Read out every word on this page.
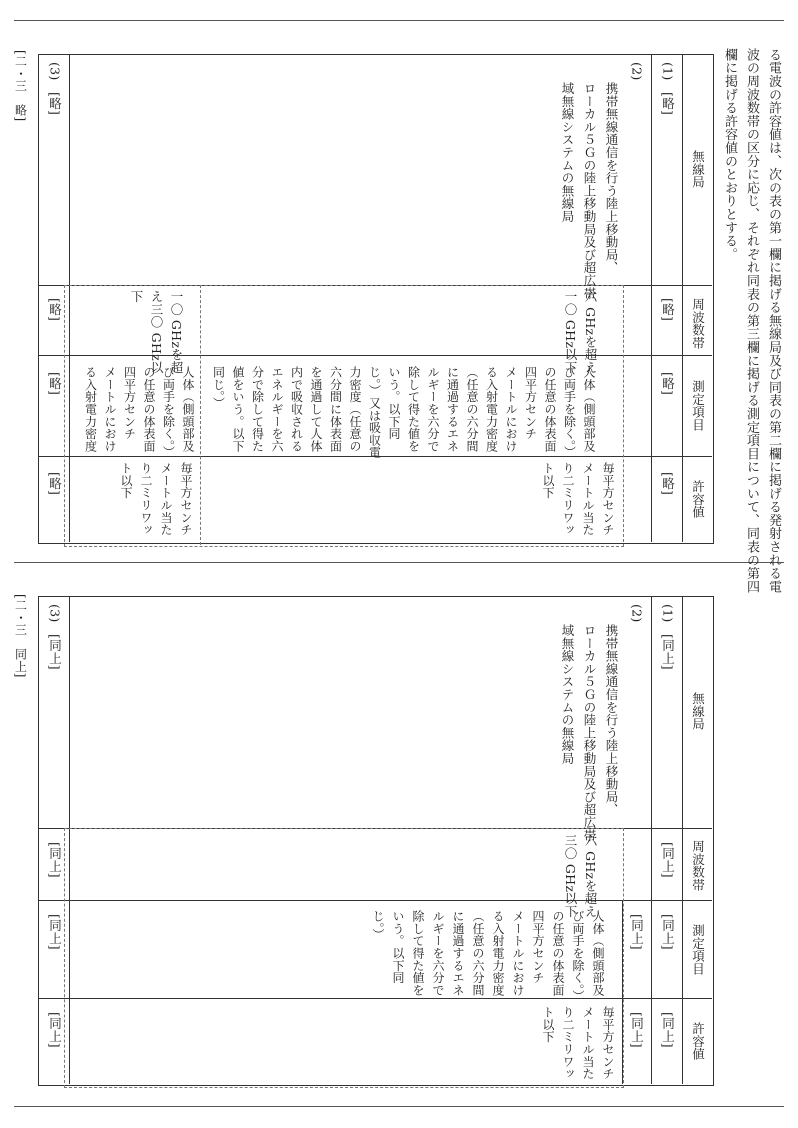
る電波の許容値は、次の表の第一欄に掲げる無線局及び同表の第二欄に掲げる発射される電
波の周波数帯の区分に応じ、それぞれ同表の第三欄に掲げる測定項目について、同表の第四
欄に掲げる許容値のとおりとする。
[二・三　略]
無線局
周波数帯
測定項目
許容値
(1)
[略]
[略]
[略]
[略]
(2)
携帯無線通信を行う陸上移動局、
ローカル５Ｇの陸上移動局及び超広帯
域無線システムの無線局
六 GHzを超え
一〇 GHz以下
一〇 GHzを超
え三〇 GHz以
下
人体（側頭部及
び両手を除く。）
の任意の体表面
四平方センチ
メートルにおけ
る入射電力密度
（任意の六分間
に通過するエネ
ルギーを六分で
除して得た値を
いう。以下同
じ。）又は吸収電
力密度（任意の
六分間に体表面
を通過して人体
内で吸収される
エネルギーを六
分で除して得た
値をいう。以下
同じ。）
人体（側頭部及
び両手を除く。）
の任意の体表面
四平方センチ
メートルにおけ
る入射電力密度
毎平方センチ
メートル当た
り二ミリワッ
ト以下
毎平方センチ
メートル当た
り二ミリワッ
ト以下
(3)
[略]
[略]
[略]
[略]
[二・三　同上]
無線局
周波数帯
測定項目
許容値
(1)
[同上]
[同上]
[同上]
[同上]
(2)
携帯無線通信を行う陸上移動局、
ローカル５Ｇの陸上移動局及び超広帯
域無線システムの無線局
六 GHzを超え
三〇 GHz以下
[同上]
[同上]
人体（側頭部及
び両手を除く。）
の任意の体表面
四平方センチ
メートルにおけ
る入射電力密度
（任意の六分間
に通過するエネ
ルギーを六分で
除して得た値を
いう。以下同
じ。）
毎平方センチ
メートル当た
り二ミリワッ
ト以下
(3)
[同上]
[同上]
[同上]
[同上]
